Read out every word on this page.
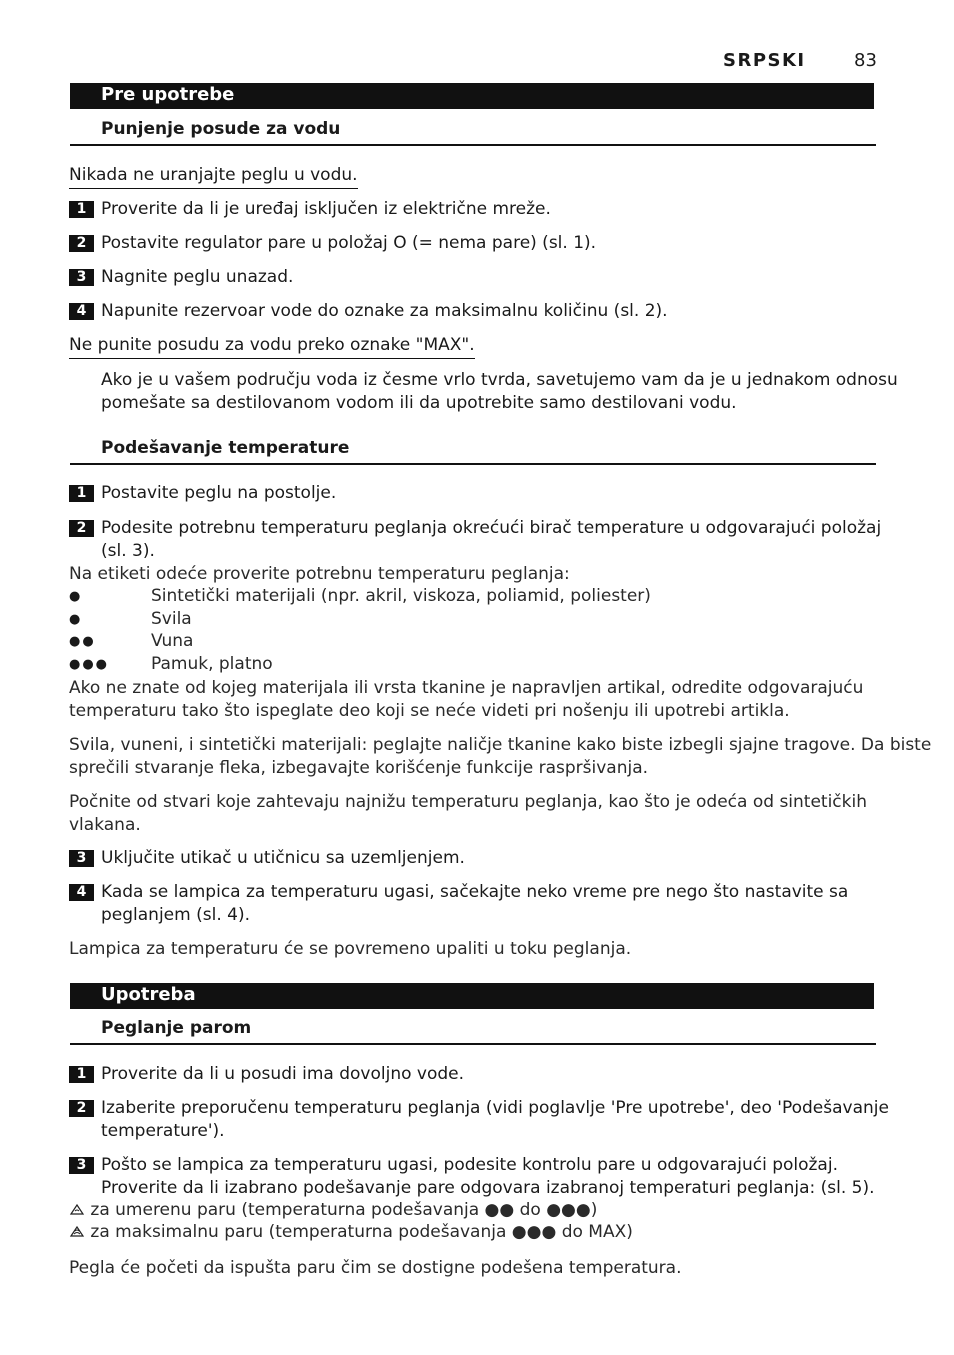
SRPSKI	83
Pre upotrebe
Punjenje posude za vodu
Nikada ne uranjajte peglu u vodu.
1 Proverite da li je uređaj isključen iz električne mreže.
2 Postavite regulator pare u položaj O (= nema pare) (sl. 1).
3 Nagnite peglu unazad.
4 Napunite rezervoar vode do oznake za maksimalnu količinu (sl. 2).
Ne punite posudu za vodu preko oznake "MAX".
Ako je u vašem području voda iz česme vrlo tvrda, savetujemo vam da je u jednakom odnosu
pomešate sa destilovanom vodom ili da upotrebite samo destilovani vodu.
Podešavanje temperature
1 Postavite peglu na postolje.
2 Podesite potrebnu temperaturu peglanja okrećući birač temperature u odgovarajući položaj
(sl. 3).
Na etiketi odeće proverite potrebnu temperaturu peglanja:
●	Sintetički materijali (npr. akril, viskoza, poliamid, poliester)
●	Svila
●●	Vuna
●●● Pamuk, platno
Ako ne znate od kojeg materijala ili vrsta tkanine je napravljen artikal, odredite odgovarajuću
temperaturu tako što ispeglate deo koji se neće videti pri nošenju ili upotrebi artikla.
Svila, vuneni, i sintetički materijali: peglajte naličje tkanine kako biste izbegli sjajne tragove. Da biste
sprečili stvaranje fleka, izbegavajte korišćenje funkcije raspršivanja.
Počnite od stvari koje zahtevaju najnižu temperaturu peglanja, kao što je odeća od sintetičkih
vlakana.
3 Uključite utikač u utičnicu sa uzemljenjem.
4 Kada se lampica za temperaturu ugasi, sačekajte neko vreme pre nego što nastavite sa
peglanjem (sl. 4).
Lampica za temperaturu će se povremeno upaliti u toku peglanja.
Upotreba
Peglanje parom
1 Proverite da li u posudi ima dovoljno vode.
2 Izaberite preporučenu temperaturu peglanja (vidi poglavlje 'Pre upotrebe', deo 'Podešavanje
temperature').
3 Pošto se lampica za temperaturu ugasi, podesite kontrolu pare u odgovarajući položaj.
Proverite da li izabrano podešavanje pare odgovara izabranoj temperaturi peglanja: (sl. 5).
za umerenu paru (temperaturna podešavanja ●● do ●●●)
za maksimalnu paru (temperaturna podešavanja ●●● do MAX)
Pegla će početi da ispušta paru čim se dostigne podešena temperatura.
